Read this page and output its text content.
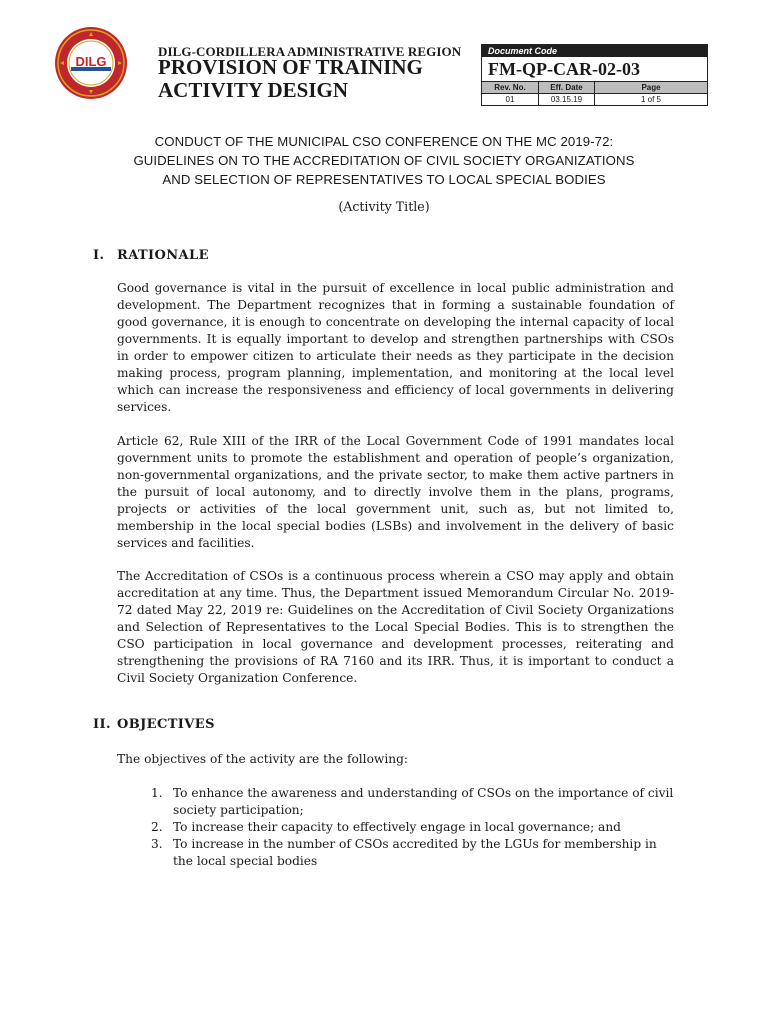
DILG
DILG-CORDILLERA ADMINISTRATIVE REGION
PROVISION OF TRAINING
ACTIVITY DESIGN
Document Code
FM-QP-CAR-02-03
Rev. No.	Eff. Date	Page
01	03.15.19	1 of 5
CONDUCT OF THE MUNICIPAL CSO CONFERENCE ON THE MC 2019-72:
GUIDELINES ON TO THE ACCREDITATION OF CIVIL SOCIETY ORGANIZATIONS
AND SELECTION OF REPRESENTATIVES TO LOCAL SPECIAL BODIES
(Activity Title)
I. RATIONALE

Good governance is vital in the pursuit of excellence in local public administration and development. The Department recognizes that in forming a sustainable foundation of good governance, it is enough to concentrate on developing the internal capacity of local governments. It is equally important to develop and strengthen partnerships with CSOs in order to empower citizen to articulate their needs as they participate in the decision making process, program planning, implementation, and monitoring at the local level which can increase the responsiveness and efficiency of local governments in delivering services.

Article 62, Rule XIII of the IRR of the Local Government Code of 1991 mandates local government units to promote the establishment and operation of people’s organization, non-governmental organizations, and the private sector, to make them active partners in the pursuit of local autonomy, and to directly involve them in the plans, programs, projects or activities of the local government unit, such as, but not limited to, membership in the local special bodies (LSBs) and involvement in the delivery of basic services and facilities.

The Accreditation of CSOs is a continuous process wherein a CSO may apply and obtain accreditation at any time. Thus, the Department issued Memorandum Circular No. 2019-72 dated May 22, 2019 re: Guidelines on the Accreditation of Civil Society Organizations and Selection of Representatives to the Local Special Bodies. This is to strengthen the CSO participation in local governance and development processes, reiterating and strengthening the provisions of RA 7160 and its IRR. Thus, it is important to conduct a Civil Society Organization Conference.

II. OBJECTIVES

The objectives of the activity are the following:

1. To enhance the awareness and understanding of CSOs on the importance of civil society participation;
2. To increase their capacity to effectively engage in local governance; and
3. To increase in the number of CSOs accredited by the LGUs for membership in the local special bodies
